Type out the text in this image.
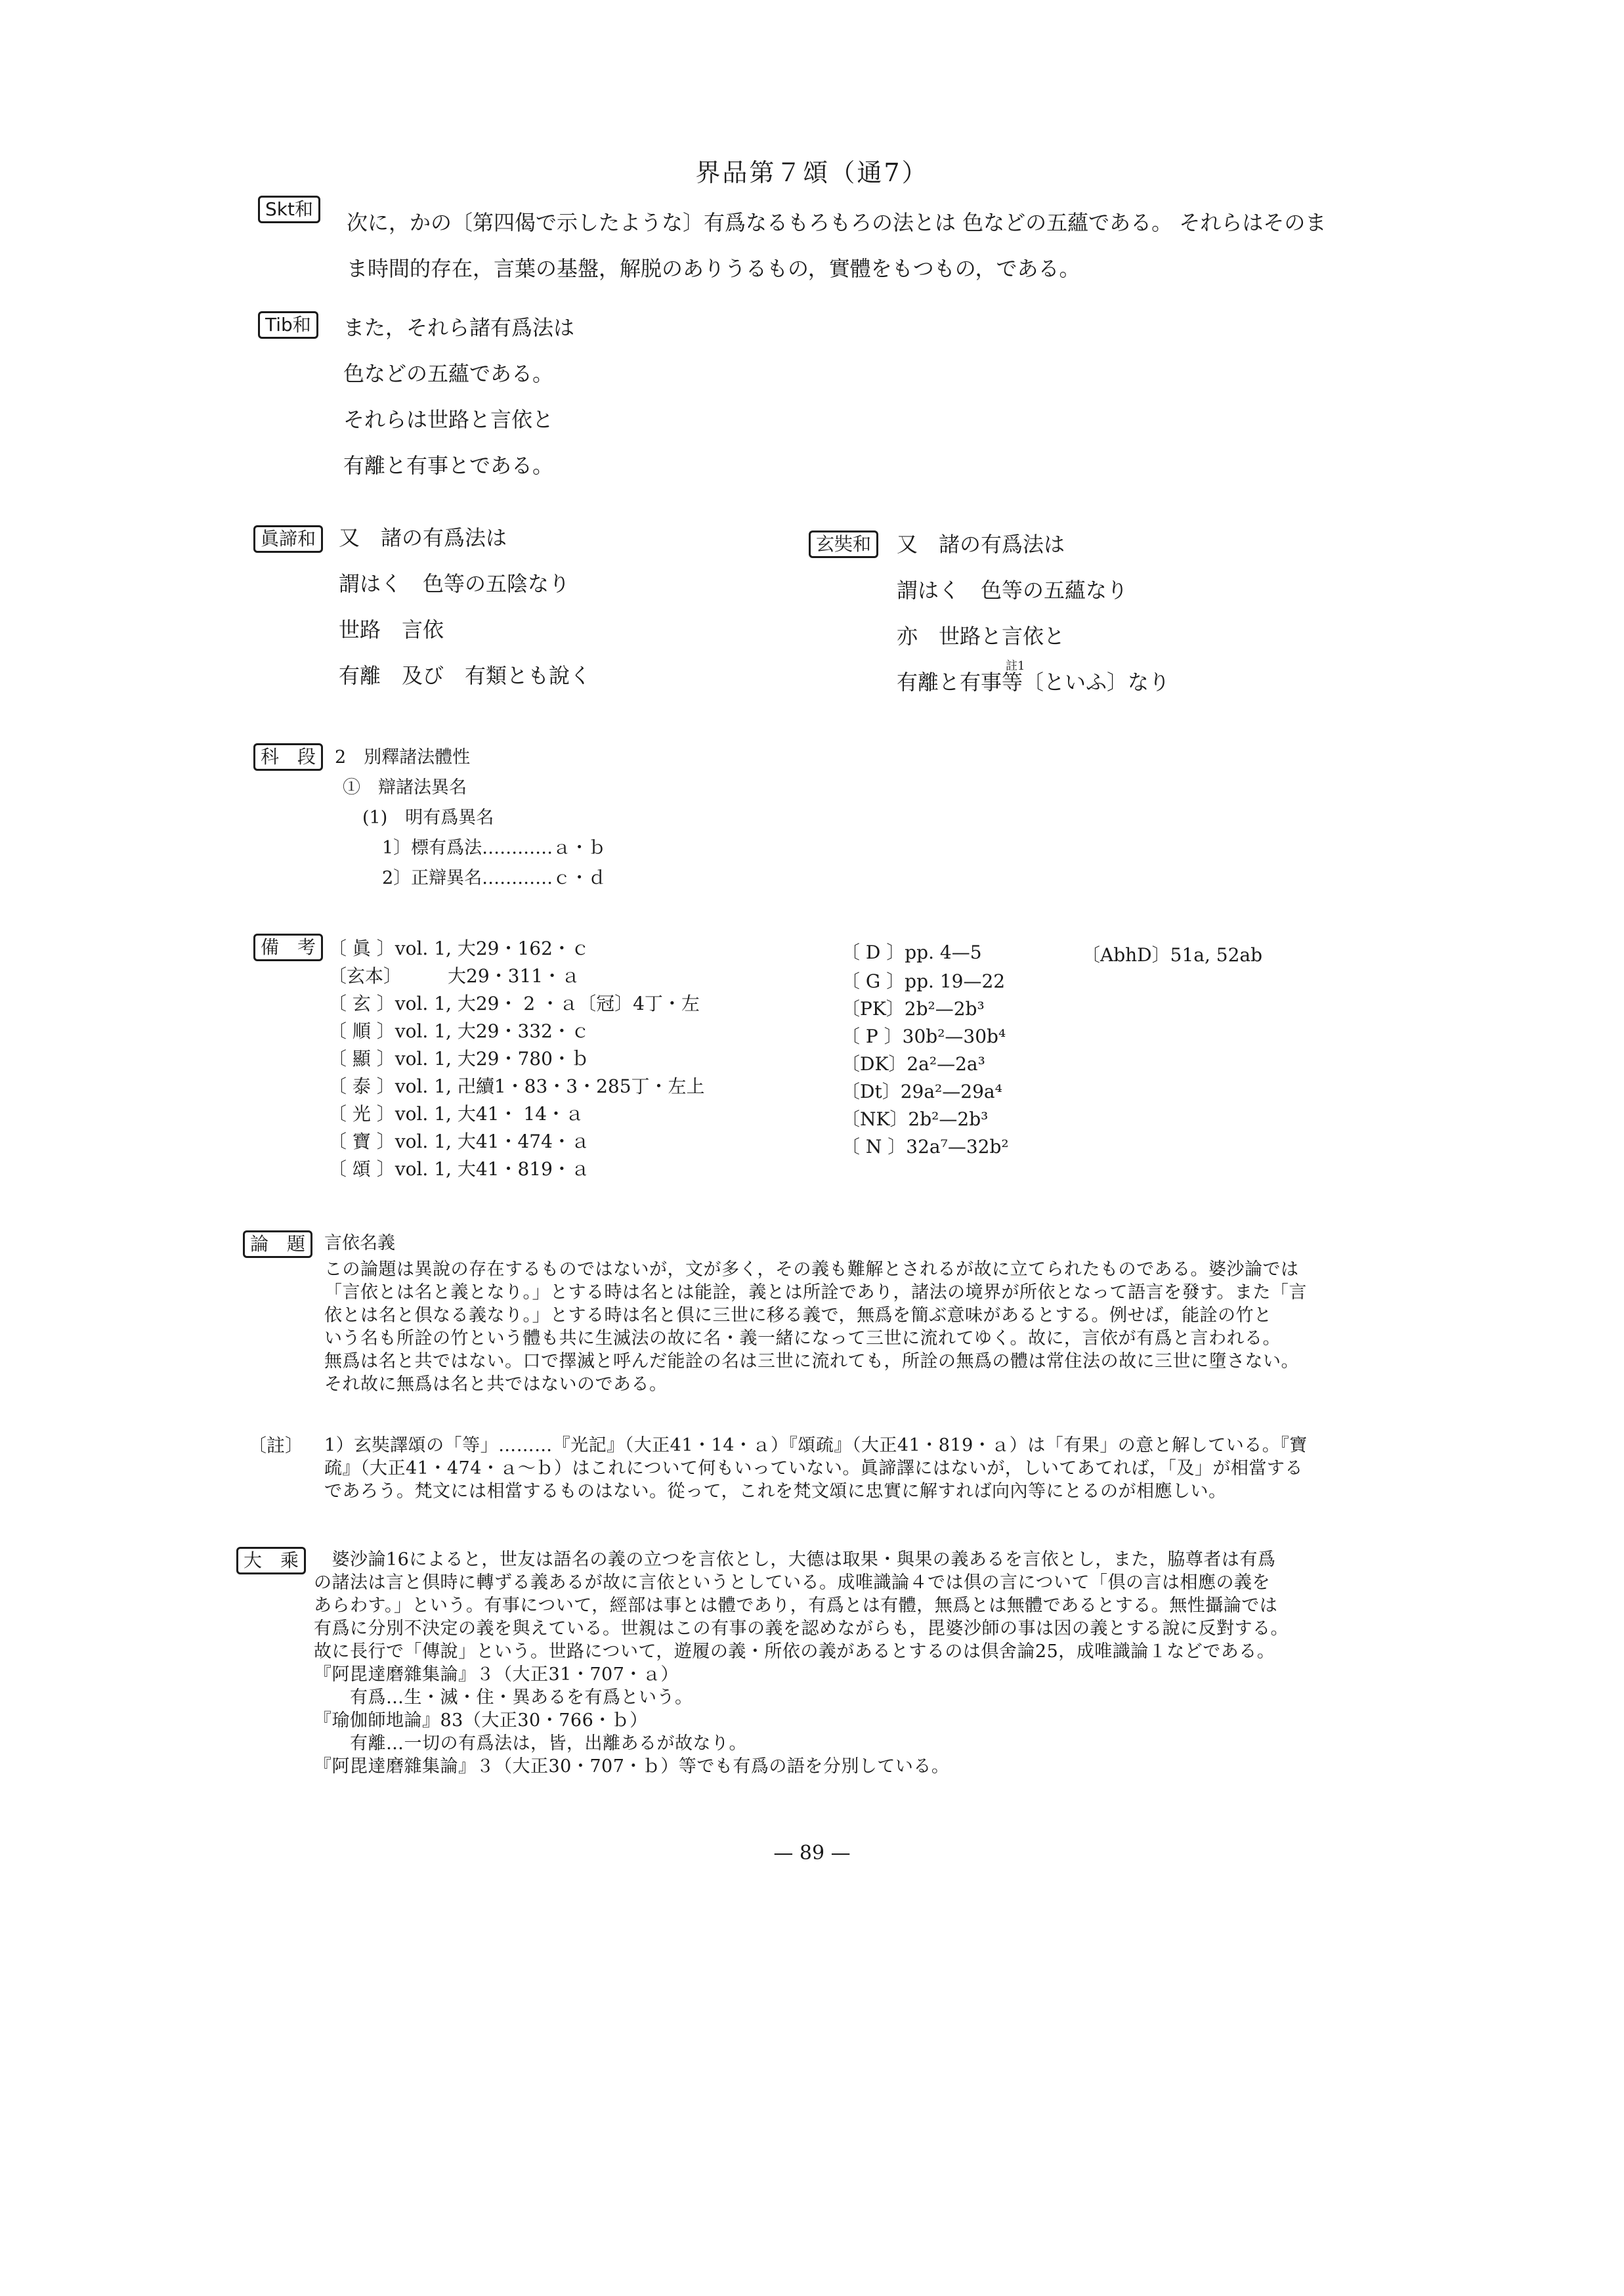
界品第７頌（通7）
Skt和
次に，かの〔第四偈で示したような〕有爲なるもろもろの法とは 色などの五蘊である。 それらはそのま
ま時間的存在，言葉の基盤，解脱のありうるもの，實體をもつもの，である。
Tib和	また，それら諸有爲法は
色などの五蘊である。
それらは世路と言依と
有離と有事とである。
眞諦和	又　諸の有爲法は
謂はく　色等の五陰なり
世路　言依
有離　及び　有類とも說く
玄奘和	又　諸の有爲法は
謂はく　色等の五蘊なり
亦　世路と言依と
有離と有事等〔といふ〕なり
註1
科　段	2　別釋諸法體性
①　辯諸法異名
(1)　明有爲異名
1〕標有爲法…………ａ・ｂ
2〕正辯異名…………ｃ・ｄ
備　考 〔 眞 〕vol. 1, 大29・162・ｃ
〔玄本〕　　　大29・311・ａ
〔 玄 〕vol. 1, 大29・ 2 ・ａ〔冠〕4丁・左
〔 順 〕vol. 1, 大29・332・ｃ
〔 顯 〕vol. 1, 大29・780・ｂ
〔 泰 〕vol. 1, 卍續1・83・3・285丁・左上
〔 光 〕vol. 1, 大41・ 14・ａ
〔 寶 〕vol. 1, 大41・474・ａ
〔 頌 〕vol. 1, 大41・819・ａ
〔 D 〕pp. 4—5	〔AbhD〕51a, 52ab
〔 G 〕pp. 19—22
〔PK〕2b²—2b³
〔 P 〕30b²—30b⁴
〔DK〕2a²—2a³
〔Dt〕29a²—29a⁴
〔NK〕2b²—2b³
〔 N 〕32a⁷—32b²
論　題	言依名義
この論題は異說の存在するものではないが，文が多く，その義も難解とされるが故に立てられたものである。婆沙論では
「言依とは名と義となり。」とする時は名とは能詮，義とは所詮であり，諸法の境界が所依となって語言を發す。また「言
依とは名と倶なる義なり。」とする時は名と倶に三世に移る義で，無爲を簡ぶ意味があるとする。例せば，能詮の竹と
いう名も所詮の竹という體も共に生滅法の故に名・義一緒になって三世に流れてゆく。故に，言依が有爲と言われる。
無爲は名と共ではない。口で擇滅と呼んだ能詮の名は三世に流れても，所詮の無爲の體は常住法の故に三世に墮さない。
それ故に無爲は名と共ではないのである。
〔註〕 1）玄奘譯頌の「等」………『光記』（大正41・14・ａ）『頌疏』（大正41・819・ａ）は「有果」の意と解している。『寶
疏』（大正41・474・ａ～ｂ）はこれについて何もいっていない。眞諦譯にはないが，しいてあてれば，「及」が相當する
であろう。梵文には相當するものはない。從って，これを梵文頌に忠實に解すれば向內等にとるのが相應しい。
大　乘	　婆沙論16によると，世友は語名の義の立つを言依とし，大德は取果・與果の義あるを言依とし，また，脇尊者は有爲
の諸法は言と倶時に轉ずる義あるが故に言依というとしている。成唯識論４では倶の言について「倶の言は相應の義を
あらわす。」という。有事について，經部は事とは體であり，有爲とは有體，無爲とは無體であるとする。無性攝論では
有爲に分別不決定の義を與えている。世親はこの有事の義を認めながらも，毘婆沙師の事は因の義とする說に反對する。
故に長行で「傳說」という。世路について，遊履の義・所依の義があるとするのは倶舍論25，成唯識論１などである。
『阿毘達磨雜集論』３（大正31・707・ａ）
　　有爲…生・滅・住・異あるを有爲という。
『瑜伽師地論』83（大正30・766・ｂ）
　　有離…一切の有爲法は，皆，出離あるが故なり。
『阿毘達磨雜集論』３（大正30・707・ｂ）等でも有爲の語を分別している。
— 89 —
